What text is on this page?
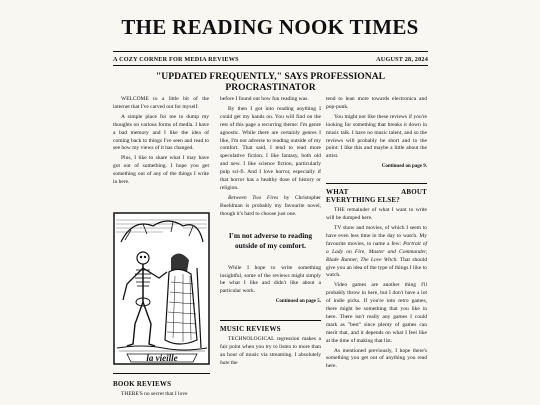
THE READING NOOK TIMES
A COZY CORNER FOR MEDIA REVIEWS	AUGUST 28, 2024
"UPDATED FREQUENTLY," SAYS PROFESSIONAL PROCRASTINATOR

WELCOME to a little bit of the internet that I've carved out for myself.

A simple place for me to dump my thoughts on various forms of media. I have a bad memory and I like the idea of coming back to things I've seen and read to see how my views of it has changed.

Plus, I like to share what I may have got out of something. I hope you get something out of any of the things I write in here.

la vieille
BOOK REVIEWS
THERE'S no secret that I love

before I found out how fun reading was.

By then I got into reading anything I could get my hands on. You will find on the rest of this page a recurring theme: I'm genre agnostic. While there are certainly genres I like, I'm not adverse to reading outside of my comfort. That said, I tend to read more speculative fiction. I like fantasy, both old and new. I like science fiction, particularly pulp sci-fi. And I love horror, especially if that horror has a healthy dose of history or religion.

Between Two Fires by Christopher Buehlman is probably my favourite novel, though it's hard to choose just one.

I'm not adverse to reading outside of my comfort.

While I hope to write something insightful, some of the reviews might simply be what I like and didn't like about a particular work.

Continued on page 5.

MUSIC REVIEWS

TECHNOLOGICAL regression makes a fair point when you try to listen to more than an hour of music via streaming. I absolutely hate the

tend to lean more towards electronica and pop-punk.

You might not like these reviews if you're looking for something that breaks it down in music talk. I have no music talent, and so the reviews will probably be short and to the point: I like this and maybe a little about the artist.

Continued on page 9.

WHAT ABOUT EVERYTHING ELSE?

THE remainder of what I want to write will be dumped here.

TV show and movies, of which I seem to have even less time in the day to watch. My favourite movies, to name a few: Portrait of a Lady on Fire, Master and Commander, Blade Runner, The Love Witch. That should give you an idea of the type of things I like to watch.

Video games are another thing I'll probably throw in here, but I don't have a lot of indie picks. If you're into retro games, there might be something that you like in here. There isn't really any games I could mark as "best" since plenty of games can merit that, and it depends on what I feel like at the time of making that list.

As mentioned previously, I hope there's something you get out of anything you read here.
